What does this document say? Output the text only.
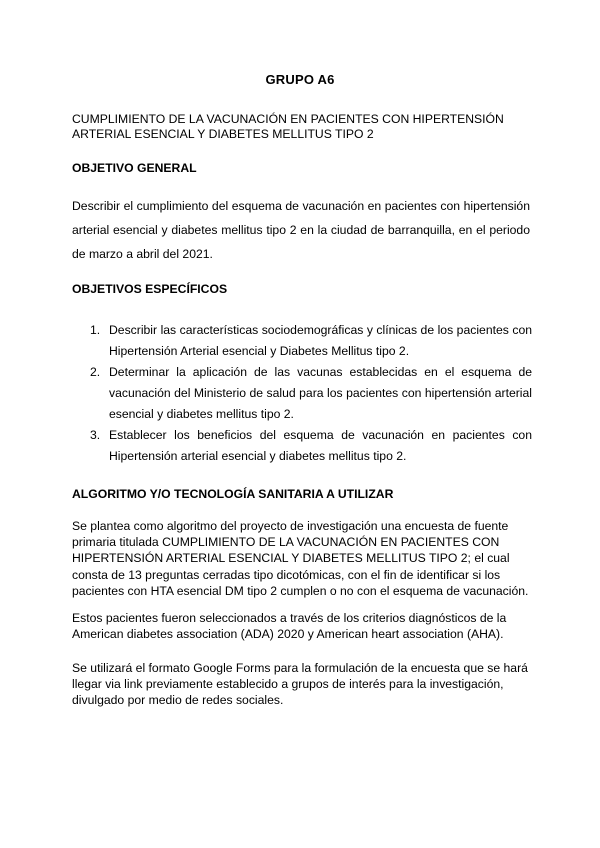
GRUPO A6
CUMPLIMIENTO DE LA VACUNACIÓN EN PACIENTES CON HIPERTENSIÓN ARTERIAL ESENCIAL Y DIABETES MELLITUS TIPO 2
OBJETIVO GENERAL
Describir el cumplimiento del esquema de vacunación en pacientes con hipertensión arterial esencial y diabetes mellitus tipo 2 en la ciudad de barranquilla, en el periodo de marzo a abril del 2021.
OBJETIVOS ESPECÍFICOS
1. Describir las características sociodemográficas y clínicas de los pacientes con Hipertensión Arterial esencial y Diabetes Mellitus tipo 2.
2. Determinar la aplicación de las vacunas establecidas en el esquema de vacunación del Ministerio de salud para los pacientes con hipertensión arterial esencial y diabetes mellitus tipo 2.
3. Establecer los beneficios del esquema de vacunación en pacientes con Hipertensión arterial esencial y diabetes mellitus tipo 2.
ALGORITMO Y/O TECNOLOGÍA SANITARIA A UTILIZAR
Se plantea como algoritmo del proyecto de investigación una encuesta de fuente primaria titulada CUMPLIMIENTO DE LA VACUNACIÓN EN PACIENTES CON HIPERTENSIÓN ARTERIAL ESENCIAL Y DIABETES MELLITUS TIPO 2; el cual consta de 13 preguntas cerradas tipo dicotómicas, con el fin de identificar si los pacientes con HTA esencial DM tipo 2 cumplen o no con el esquema de vacunación.
Estos pacientes fueron seleccionados a través de los criterios diagnósticos de la American diabetes association (ADA) 2020 y American heart association (AHA).
Se utilizará el formato Google Forms para la formulación de la encuesta que se hará llegar via link previamente establecido a grupos de interés para la investigación, divulgado por medio de redes sociales.
